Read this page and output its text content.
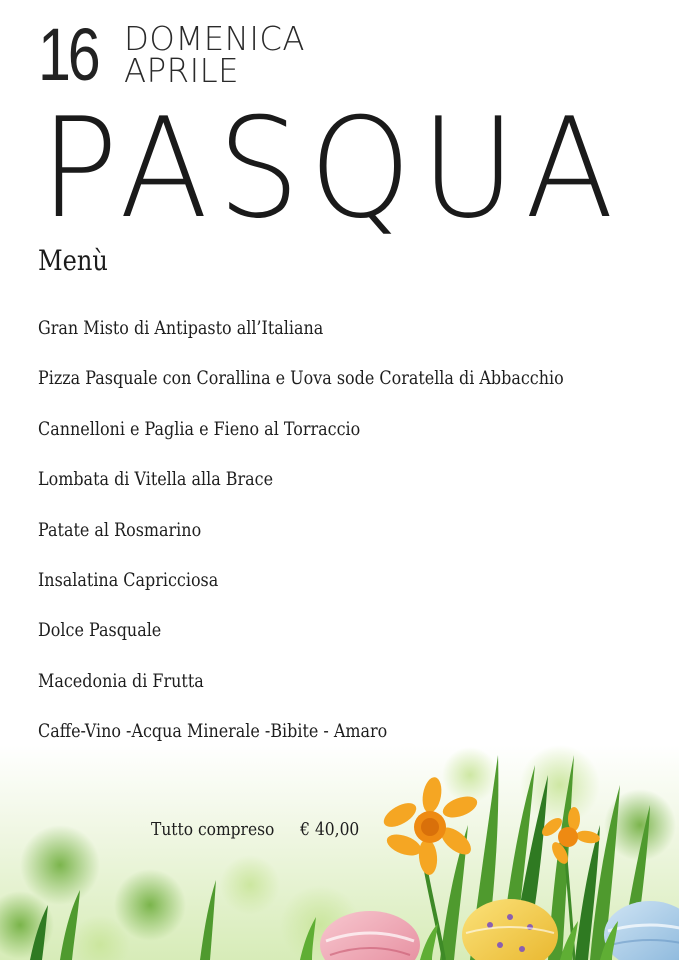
16 DOMENICA
APRILE
PASQUA
Menù
Gran Misto di Antipasto all’Italiana
Pizza Pasquale con Corallina e Uova sode Coratella di Abbacchio
Cannelloni e Paglia e Fieno al Torraccio
Lombata di Vitella alla Brace
Patate al Rosmarino
Insalatina Capricciosa
Dolce Pasquale
Macedonia di Frutta
Caffe-Vino -Acqua Minerale -Bibite - Amaro
Tutto compreso € 40,00
